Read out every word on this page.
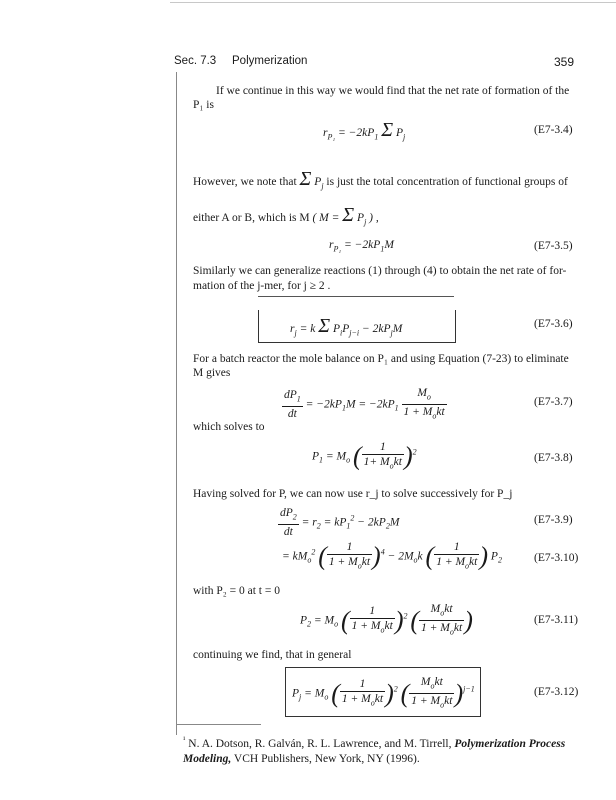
Sec. 7.3 Polymerization	359
If we continue in this way we would find that the net rate of formation of the
P₁ is
$r_{P_1} = -2kP_1$ Σ $P_j$
(E7-3.4)
However, we note that Σ $P_j$ is just the total concentration of functional groups of
either A or B, which is M ( M = Σ $P_j$ ) ,
$r_{P_1} = -2kP_1M$	(E7-3.5)
Similarly we can generalize reactions (1) through (4) to obtain the net rate of for-
mation of the j-mer, for j ≥ 2 .
$r_j = k$ Σ $P_iP_{j-i} - 2kP_jM$	(E7-3.6)
For a batch reactor the mole balance on P₁ and using Equation (7-23) to eliminate
M gives
$\frac{dP_1}{dt} = -2kP_1M = -2kP_1 \frac{M_o}{1 + M_okt}$	(E7-3.7)
which solves to
$P_1 = M_o$ ( $\frac{1}{1+ M_okt} )^2$
(E7-3.8)
Having solved for P, we can now use r_j to solve successively for P_j
$\frac{dP_2}{dt} = r_2 = kP_1^2 - 2kP_2M$	(E7-3.9)
= $kM_o^2$ ( $\frac{1}{1 + M_okt} )^4 - 2M_ok$ ( $\frac{1}{1 + M_okt}$ ) $P_2$	(E7-3.10)
with P₂ = 0 at t = 0
$P_2 = M_o$ ( $\frac{1}{1 + M_okt} )^2$ ( $\frac{M_okt}{1 + M_okt}$ )	(E7-3.11)
continuing we find, that in general
$P_j = M_o$ ( $\frac{1}{1 + M_okt} )^2$ ( $\frac{M_okt}{1 + M_okt} )^{j-1}$	(E7-3.12)
$^{^1}$ N. A. Dotson, R. Galván, R. L. Lawrence, and M. Tirrell, Polymerization Process Modeling, VCH Publishers, New York, NY (1996).
